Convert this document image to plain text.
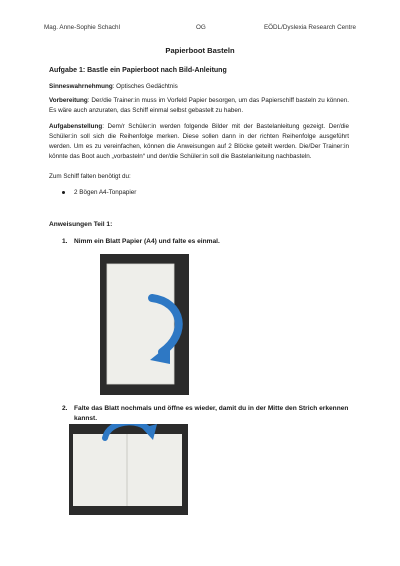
Mag. Anne-Sophie Schachl	OG	EÖDL/Dyslexia Research Centre
Papierboot Basteln
Aufgabe 1: Bastle ein Papierboot nach Bild-Anleitung
Sinneswahrnehmung: Optisches Gedächtnis
Vorbereitung: Der/die Trainer:in muss im Vorfeld Papier besorgen, um das Papierschiff basteln zu können. Es wäre auch anzuraten, das Schiff einmal selbst gebastelt zu haben.
Aufgabenstellung: Dem/r Schüler:in werden folgende Bilder mit der Bastelanleitung gezeigt. Der/die Schüler:in soll sich die Reihenfolge merken. Diese sollen dann in der richten Reihenfolge ausgeführt werden. Um es zu vereinfachen, können die Anweisungen auf 2 Blöcke geteilt werden. Die/Der Trainer:in könnte das Boot auch „vorbasteln“ und der/die Schüler:in soll die Bastelanleitung nachbasteln.
Zum Schiff falten benötigt du:
2 Bögen A4-Tonpapier
Anweisungen Teil 1:
1. Nimm ein Blatt Papier (A4) und falte es einmal.
2. Falte das Blatt nochmals und öffne es wieder, damit du in der Mitte den Strich erkennen kannst.
